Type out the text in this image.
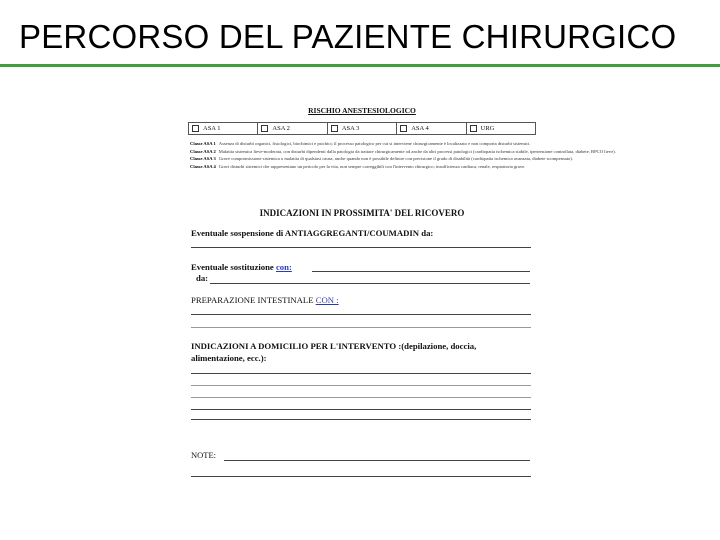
PERCORSO DEL PAZIENTE CHIRURGICO
RISCHIO ANESTESIOLOGICO
ASA 1	ASA 2	ASA 3	ASA 4	URG
Classe ASA 1 Assenza di disturbi organici, fisiologici, biochimici e psichici; il processo patologico per cui si interviene chirurgicamente è localizzato e non comporta disturbi sistemici.
Classe ASA 2 Malattia sistemica lieve-moderata, con disturbi dipendenti dalla patologia da trattare chirurgicamente od anche da altri processi patologici (cardiopatia ischemica stabile, ipertensione controllata, diabete, BPCO lieve).
Classe ASA 3 Grave compromissione sistemica o malattia di qualsiasi causa, anche quando non è possibile definire con precisione il grado di disabilità (cardiopatia ischemica avanzata, diabete scompensato).
Classe ASA 4 Gravi disturbi sistemici che rappresentano un pericolo per la vita, non sempre correggibili con l'intervento chirurgico; insufficienza cardiaca, renale, respiratoria grave.
INDICAZIONI IN PROSSIMITA' DEL RICOVERO
Eventuale sospensione di ANTIAGGREGANTI/COUMADIN da:
Eventuale sostituzione con:
da:
PREPARAZIONE INTESTINALE CON :
INDICAZIONI A DOMICILIO PER L'INTERVENTO :(depilazione, doccia,
alimentazione, ecc.):
NOTE:
